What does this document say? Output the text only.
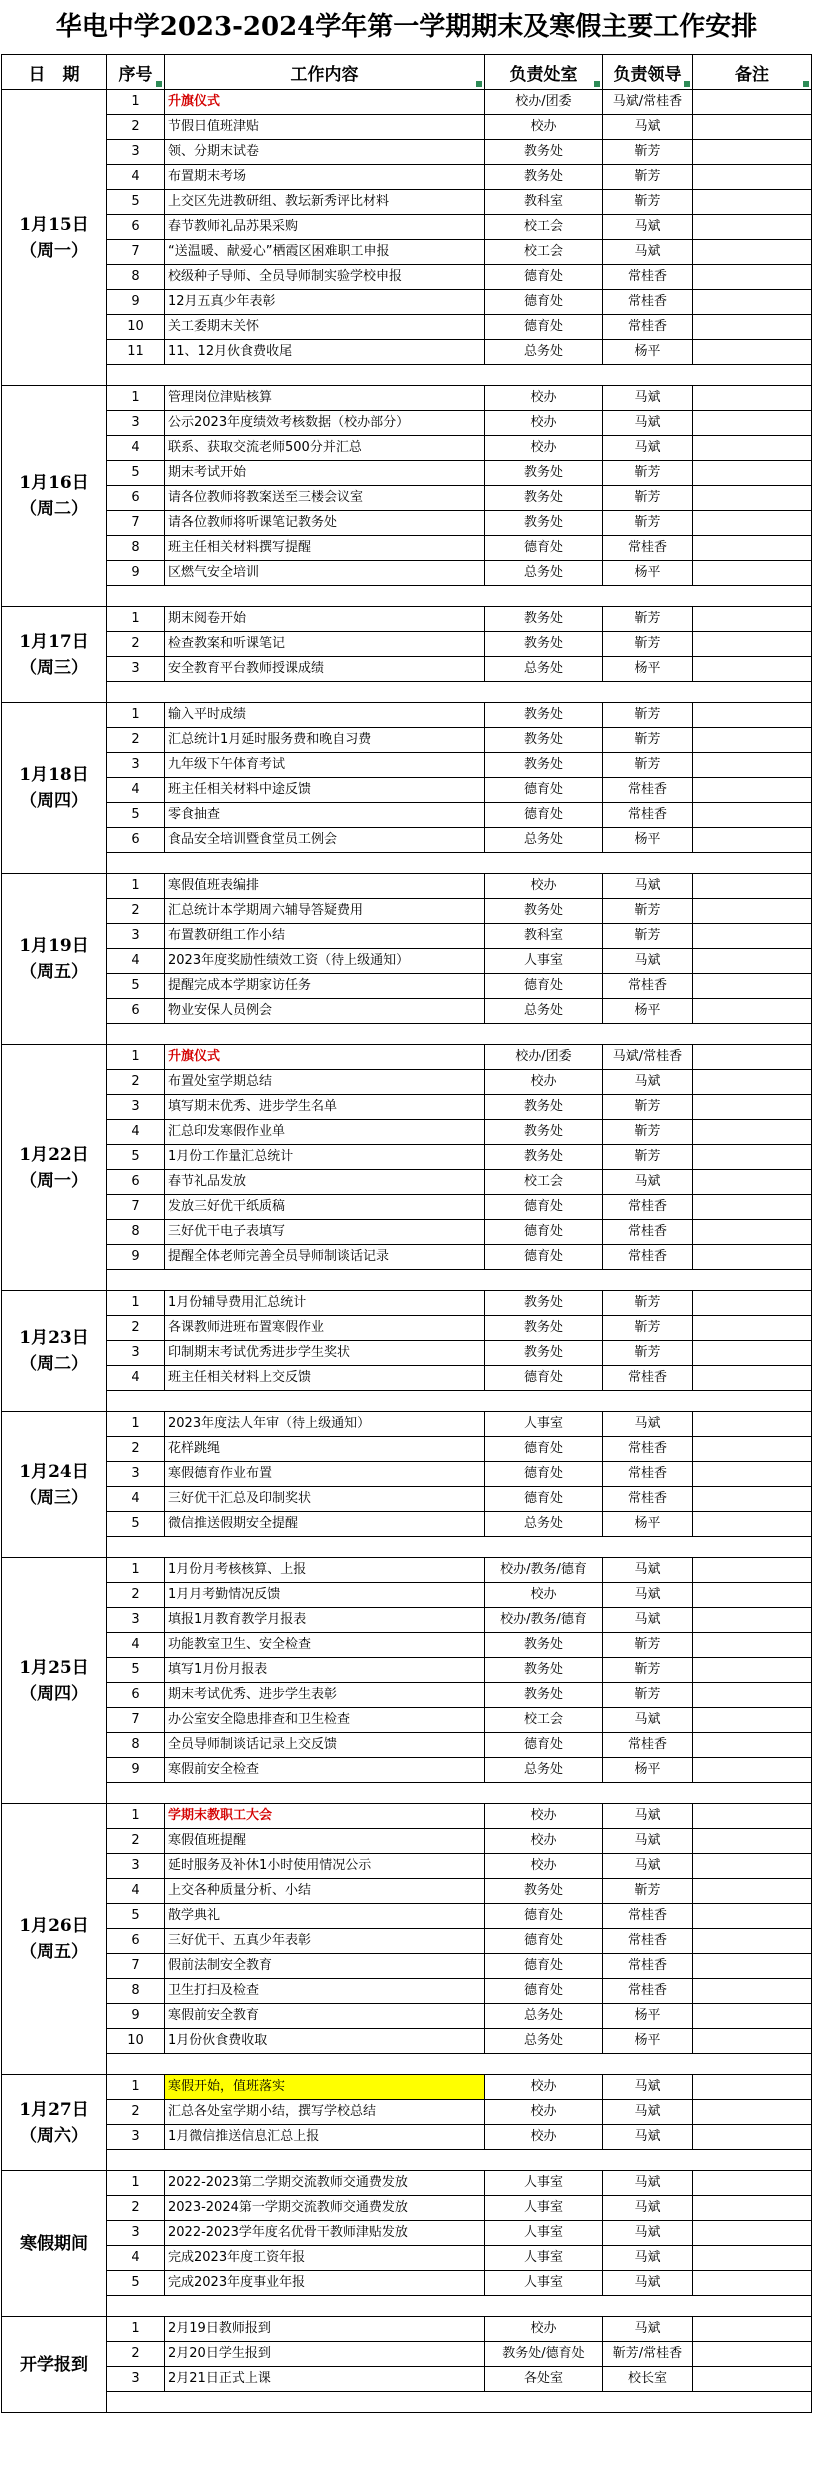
华电中学2023-2024学年第一学期期末及寒假主要工作安排
日　期	序号	工作内容	负责处室	负责领导	备注

1月15日
（周一）	1	升旗仪式	校办/团委	马斌/常桂香	
	2	节假日值班津贴	校办	马斌	
	3	领、分期末试卷	教务处	靳芳	
	4	布置期末考场	教务处	靳芳	
	5	上交区先进教研组、教坛新秀评比材料	教科室	靳芳	
	6	春节教师礼品苏果采购	校工会	马斌	
	7	“送温暖、献爱心”栖霞区困难职工申报	校工会	马斌	
	8	校级种子导师、全员导师制实验学校申报	德育处	常桂香	
	9	12月五真少年表彰	德育处	常桂香	
	10	关工委期末关怀	德育处	常桂香	
	11	11、12月伙食费收尾	总务处	杨平	

1月16日
（周二）	1	管理岗位津贴核算	校办	马斌	
	3	公示2023年度绩效考核数据（校办部分）	校办	马斌	
	4	联系、获取交流老师500分并汇总	校办	马斌	
	5	期末考试开始	教务处	靳芳	
	6	请各位教师将教案送至三楼会议室	教务处	靳芳	
	7	请各位教师将听课笔记教务处	教务处	靳芳	
	8	班主任相关材料撰写提醒	德育处	常桂香	
	9	区燃气安全培训	总务处	杨平	

1月17日
（周三）	1	期末阅卷开始	教务处	靳芳	
	2	检查教案和听课笔记	教务处	靳芳	
	3	安全教育平台教师授课成绩	总务处	杨平	

1月18日
（周四）	1	输入平时成绩	教务处	靳芳	
	2	汇总统计1月延时服务费和晚自习费	教务处	靳芳	
	3	九年级下午体育考试	教务处	靳芳	
	4	班主任相关材料中途反馈	德育处	常桂香	
	5	零食抽查	德育处	常桂香	
	6	食品安全培训暨食堂员工例会	总务处	杨平	

1月19日
（周五）	1	寒假值班表编排	校办	马斌	
	2	汇总统计本学期周六辅导答疑费用	教务处	靳芳	
	3	布置教研组工作小结	教科室	靳芳	
	4	2023年度奖励性绩效工资（待上级通知）	人事室	马斌	
	5	提醒完成本学期家访任务	德育处	常桂香	
	6	物业安保人员例会	总务处	杨平	

1月22日
（周一）	1	升旗仪式	校办/团委	马斌/常桂香	
	2	布置处室学期总结	校办	马斌	
	3	填写期末优秀、进步学生名单	教务处	靳芳	
	4	汇总印发寒假作业单	教务处	靳芳	
	5	1月份工作量汇总统计	教务处	靳芳	
	6	春节礼品发放	校工会	马斌	
	7	发放三好优干纸质稿	德育处	常桂香	
	8	三好优干电子表填写	德育处	常桂香	
	9	提醒全体老师完善全员导师制谈话记录	德育处	常桂香	

1月23日
（周二）	1	1月份辅导费用汇总统计	教务处	靳芳	
	2	各课教师进班布置寒假作业	教务处	靳芳	
	3	印制期末考试优秀进步学生奖状	教务处	靳芳	
	4	班主任相关材料上交反馈	德育处	常桂香	

1月24日
（周三）	1	2023年度法人年审（待上级通知）	人事室	马斌	
	2	花样跳绳	德育处	常桂香	
	3	寒假德育作业布置	德育处	常桂香	
	4	三好优干汇总及印制奖状	德育处	常桂香	
	5	微信推送假期安全提醒	总务处	杨平	

1月25日
（周四）	1	1月份月考核核算、上报	校办/教务/德育	马斌	
	2	1月月考勤情况反馈	校办	马斌	
	3	填报1月教育教学月报表	校办/教务/德育	马斌	
	4	功能教室卫生、安全检查	教务处	靳芳	
	5	填写1月份月报表	教务处	靳芳	
	6	期末考试优秀、进步学生表彰	教务处	靳芳	
	7	办公室安全隐患排查和卫生检查	校工会	马斌	
	8	全员导师制谈话记录上交反馈	德育处	常桂香	
	9	寒假前安全检查	总务处	杨平	

1月26日
（周五）	1	学期末教职工大会	校办	马斌	
	2	寒假值班提醒	校办	马斌	
	3	延时服务及补休1小时使用情况公示	校办	马斌	
	4	上交各种质量分析、小结	教务处	靳芳	
	5	散学典礼	德育处	常桂香	
	6	三好优干、五真少年表彰	德育处	常桂香	
	7	假前法制安全教育	德育处	常桂香	
	8	卫生打扫及检查	德育处	常桂香	
	9	寒假前安全教育	总务处	杨平	
	10	1月份伙食费收取	总务处	杨平	

1月27日
（周六）	1	寒假开始，值班落实	校办	马斌	
	2	汇总各处室学期小结，撰写学校总结	校办	马斌	
	3	1月微信推送信息汇总上报	校办	马斌	

寒假期间	1	2022-2023第二学期交流教师交通费发放	人事室	马斌	
	2	2023-2024第一学期交流教师交通费发放	人事室	马斌	
	3	2022-2023学年度名优骨干教师津贴发放	人事室	马斌	
	4	完成2023年度工资年报	人事室	马斌	
	5	完成2023年度事业年报	人事室	马斌	

开学报到	1	2月19日教师报到	校办	马斌	
	2	2月20日学生报到	教务处/德育处	靳芳/常桂香	
	3	2月21日正式上课	各处室	校长室	
